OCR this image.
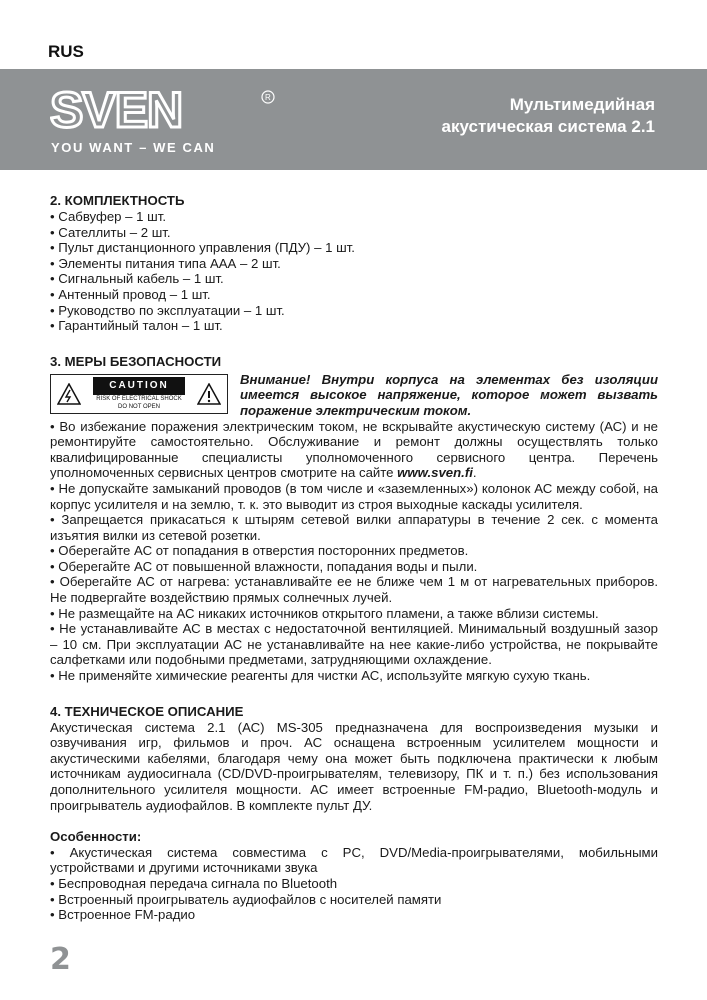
RUS
SVEN	R
YOU WANT – WE CAN
Мультимедийная
акустическая система 2.1
2. КОМПЛЕКТНОСТЬ
• Сабвуфер – 1 шт.
• Сателлиты – 2 шт.
• Пульт дистанционного управления (ПДУ) – 1 шт.
• Элементы питания типа ААА – 2 шт.
• Сигнальный кабель – 1 шт.
• Антенный провод – 1 шт.
• Руководство по эксплуатации – 1 шт.
• Гарантийный талон – 1 шт.
3. МЕРЫ БЕЗОПАСНОСТИ
CAUTION
RISK OF ELECTRICAL SHOCK
DO NOT OPEN
Внимание! Внутри корпуса на элементах без изоляции имеется высокое напряжение, которое может вызвать поражение электрическим током.
• Во избежание поражения электрическим током, не вскрывайте акустическую систему (АС) и не ремонтируйте самостоятельно. Обслуживание и ремонт должны осуществлять только квалифицированные специалисты уполномоченного сервисного центра. Перечень уполномоченных сервисных центров смотрите на сайте www.sven.fi.
• Не допускайте замыканий проводов (в том числе и «заземленных») колонок АС между собой, на корпус усилителя и на землю, т. к. это выводит из строя выходные каскады усилителя.
• Запрещается прикасаться к штырям сетевой вилки аппаратуры в течение 2 сек. с момента изъятия вилки из сетевой розетки.
• Оберегайте АС от попадания в отверстия посторонних предметов.
• Оберегайте АС от повышенной влажности, попадания воды и пыли.
• Оберегайте АС от нагрева: устанавливайте ее не ближе чем 1 м от нагревательных приборов. Не подвергайте воздействию прямых солнечных лучей.
• Не размещайте на АС никаких источников открытого пламени, а также вблизи системы.
• Не устанавливайте АС в местах с недостаточной вентиляцией. Минимальный воздушный зазор – 10 см. При эксплуатации АС не устанавливайте на нее какие-либо устройства, не покрывайте салфетками или подобными предметами, затрудняющими охлаждение.
• Не применяйте химические реагенты для чистки АС, используйте мягкую сухую ткань.
4. ТЕХНИЧЕСКОЕ ОПИСАНИЕ

Акустическая система 2.1 (АС) MS-305 предназначена для воспроизведения музыки и озвучивания игр, фильмов и проч. АС оснащена встроенным усилителем мощности и акустическими кабелями, благодаря чему она может быть подключена практически к любым источникам аудиосигнала (CD/DVD-проигрывателям, телевизору, ПК и т. п.) без использования дополнительного усилителя мощности. АС имеет встроенные FM-радио, Bluetooth-модуль и проигрыватель аудиофайлов. В комплекте пульт ДУ.

Особенности:
• Акустическая система совместима с PC, DVD/Media-проигрывателями, мобильными устройствами и другими источниками звука
• Беспроводная передача сигнала по Bluetooth
• Встроенный проигрыватель аудиофайлов с носителей памяти
• Встроенное FM-радио
2
